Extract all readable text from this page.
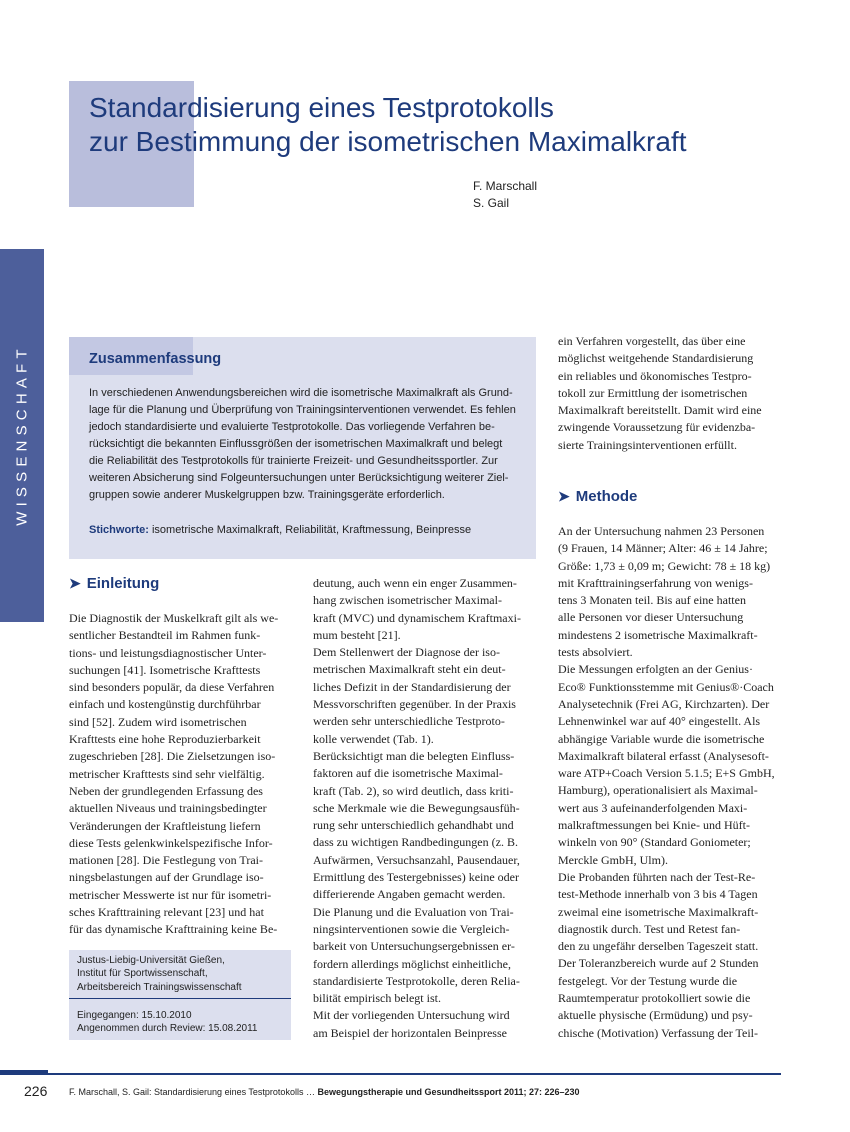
Standardisierung eines Testprotokolls
zur Bestimmung der isometrischen Maximalkraft
F. Marschall
S. Gail
WISSENSCHAFT	Zusammenfassung
In verschiedenen Anwendungsbereichen wird die isometrische Maximalkraft als Grund-
lage für die Planung und Überprüfung von Trainingsinterventionen verwendet. Es fehlen
jedoch standardisierte und evaluierte Testprotokolle. Das vorliegende Verfahren be-
rücksichtigt die bekannten Einflussgrößen der isometrischen Maximalkraft und belegt
die Reliabilität des Testprotokolls für trainierte Freizeit- und Gesundheitssportler. Zur
weiteren Absicherung sind Folgeuntersuchungen unter Berücksichtigung weiterer Ziel-
gruppen sowie anderer Muskelgruppen bzw. Trainingsgeräte erforderlich.
Stichworte: isometrische Maximalkraft, Reliabilität, Kraftmessung, Beinpresse
➤ Einleitung
Die Diagnostik der Muskelkraft gilt als we-
sentlicher Bestandteil im Rahmen funk-
tions- und leistungsdiagnostischer Unter-
suchungen [41]. Isometrische Krafttests
sind besonders populär, da diese Verfahren
einfach und kostengünstig durchführbar
sind [52]. Zudem wird isometrischen
Krafttests eine hohe Reproduzierbarkeit
zugeschrieben [28]. Die Zielsetzungen iso-
metrischer Krafttests sind sehr vielfältig.
Neben der grundlegenden Erfassung des
aktuellen Niveaus und trainingsbedingter
Veränderungen der Kraftleistung liefern
diese Tests gelenkwinkelspezifische Infor-
mationen [28]. Die Festlegung von Trai-
ningsbelastungen auf der Grundlage iso-
metrischer Messwerte ist nur für isometri-
sches Krafttraining relevant [23] und hat
für das dynamische Krafttraining keine Be-
deutung, auch wenn ein enger Zusammen-
hang zwischen isometrischer Maximal-
kraft (MVC) und dynamischem Kraftmaxi-
mum besteht [21].
Dem Stellenwert der Diagnose der iso-
metrischen Maximalkraft steht ein deut-
liches Defizit in der Standardisierung der
Messvorschriften gegenüber. In der Praxis
werden sehr unterschiedliche Testproto-
kolle verwendet (Tab. 1).
Berücksichtigt man die belegten Einfluss-
faktoren auf die isometrische Maximal-
kraft (Tab. 2), so wird deutlich, dass kriti-
sche Merkmale wie die Bewegungsausfüh-
rung sehr unterschiedlich gehandhabt und
dass zu wichtigen Randbedingungen (z. B.
Aufwärmen, Versuchsanzahl, Pausendauer,
Ermittlung des Testergebnisses) keine oder
differierende Angaben gemacht werden.
Die Planung und die Evaluation von Trai-
ningsinterventionen sowie die Vergleich-
barkeit von Untersuchungsergebnissen er-
fordern allerdings möglichst einheitliche,
standardisierte Testprotokolle, deren Relia-
bilität empirisch belegt ist.
Mit der vorliegenden Untersuchung wird
am Beispiel der horizontalen Beinpresse
ein Verfahren vorgestellt, das über eine
möglichst weitgehende Standardisierung
ein reliables und ökonomisches Testpro-
tokoll zur Ermittlung der isometrischen
Maximalkraft bereitstellt. Damit wird eine
zwingende Voraussetzung für evidenzba-
sierte Trainingsinterventionen erfüllt.
➤ Methode
An der Untersuchung nahmen 23 Personen
(9 Frauen, 14 Männer; Alter: 46 ± 14 Jahre;
Größe: 1,73 ± 0,09 m; Gewicht: 78 ± 18 kg)
mit Krafttrainingserfahrung von wenigs-
tens 3 Monaten teil. Bis auf eine hatten
alle Personen vor dieser Untersuchung
mindestens 2 isometrische Maximalkraft-
tests absolviert.
Die Messungen erfolgten an der Genius·
Eco® Funktionsstemme mit Genius®·Coach
Analysetechnik (Frei AG, Kirchzarten). Der
Lehnenwinkel war auf 40° eingestellt. Als
abhängige Variable wurde die isometrische
Maximalkraft bilateral erfasst (Analysesoft-
ware ATP+Coach Version 5.1.5; E+S GmbH,
Hamburg), operationalisiert als Maximal-
wert aus 3 aufeinanderfolgenden Maxi-
malkraftmessungen bei Knie- und Hüft-
winkeln von 90° (Standard Goniometer;
Merckle GmbH, Ulm).
Die Probanden führten nach der Test-Re-
test-Methode innerhalb von 3 bis 4 Tagen
zweimal eine isometrische Maximalkraft-
diagnostik durch. Test und Retest fan-
den zu ungefähr derselben Tageszeit statt.
Der Toleranzbereich wurde auf 2 Stunden
festgelegt. Vor der Testung wurde die
Raumtemperatur protokolliert sowie die
aktuelle physische (Ermüdung) und psy-
chische (Motivation) Verfassung der Teil-
Justus-Liebig-Universität Gießen,
Institut für Sportwissenschaft,
Arbeitsbereich Trainingswissenschaft
Eingegangen: 15.10.2010
Angenommen durch Review: 15.08.2011
226 F. Marschall, S. Gail: Standardisierung eines Testprotokolls … Bewegungstherapie und Gesundheitssport 2011; 27: 226–230
